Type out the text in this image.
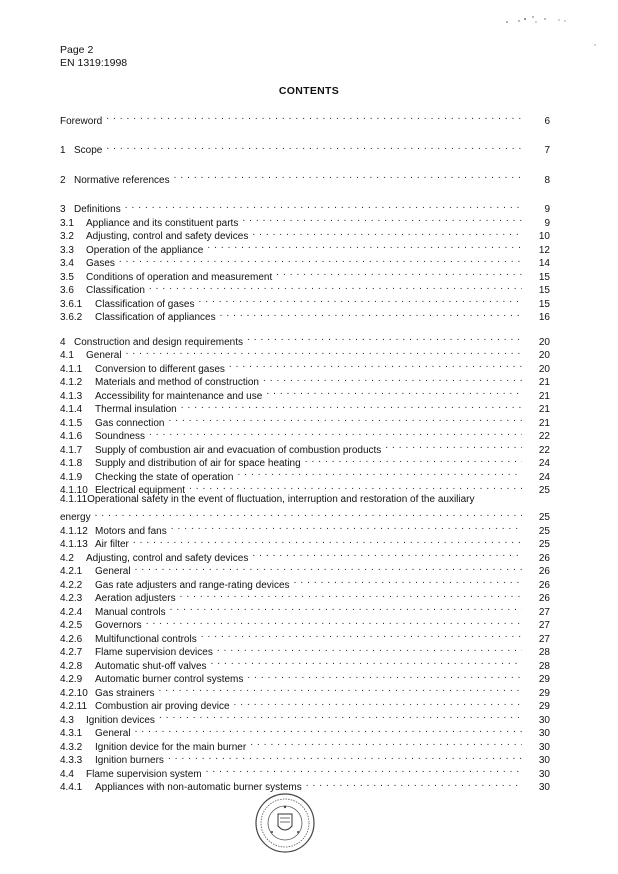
Page 2
EN 1319:1998
CONTENTS
Foreword . . .	6
1 Scope . . .	7
2 Normative references . . .	8
3 Definitions . . .	9
3.1	Appliance and its constituent parts . . .	9
3.2	Adjusting, control and safety devices . . .	10
3.3	Operation of the appliance . . .	12
3.4	Gases . . .	14
3.5	Conditions of operation and measurement . . .	15
3.6	Classification . . .	15
3.6.1	Classification of gases . . .	15
3.6.2	Classification of appliances . . .	16
4 Construction and design requirements . . .	20
4.1	General . . .	20
4.1.1	Conversion to different gases . . .	20
4.1.2	Materials and method of construction . . .	21
4.1.3	Accessibility for maintenance and use . . .	21
4.1.4	Thermal insulation . . .	21
4.1.5	Gas connection . . .	21
4.1.6	Soundness . . .	22
4.1.7	Supply of combustion air and evacuation of combustion products . . .	22
4.1.8	Supply and distribution of air for space heating . . .	24
4.1.9	Checking the state of operation . . .	24
4.1.10 Electrical equipment . . .	25
4.1.11Operational safety in the event of fluctuation, interruption and restoration of the auxiliary
energy . . .	25
4.1.12 Motors and fans . . .	25
4.1.13 Air filter . . .	25
4.2	Adjusting, control and safety devices . . .	26
4.2.1	General . . .	26
4.2.2	Gas rate adjusters and range-rating devices . . .	26
4.2.3	Aeration adjusters . . .	26
4.2.4	Manual controls . . .	27
4.2.5	Governors . . .	27
4.2.6	Multifunctional controls . . .	27
4.2.7	Flame supervision devices . . .	28
4.2.8	Automatic shut-off valves . . .	28
4.2.9	Automatic burner control systems . . .	29
4.2.10 Gas strainers . . .	29
4.2.11 Combustion air proving device . . .	29
4.3	Ignition devices . . .	30
4.3.1	General . . .	30
4.3.2	Ignition device for the main burner . . .	30
4.3.3	Ignition burners . . .	30
4.4	Flame supervision system . . .	30
4.4.1	Appliances with non-automatic burner systems . . .	30
